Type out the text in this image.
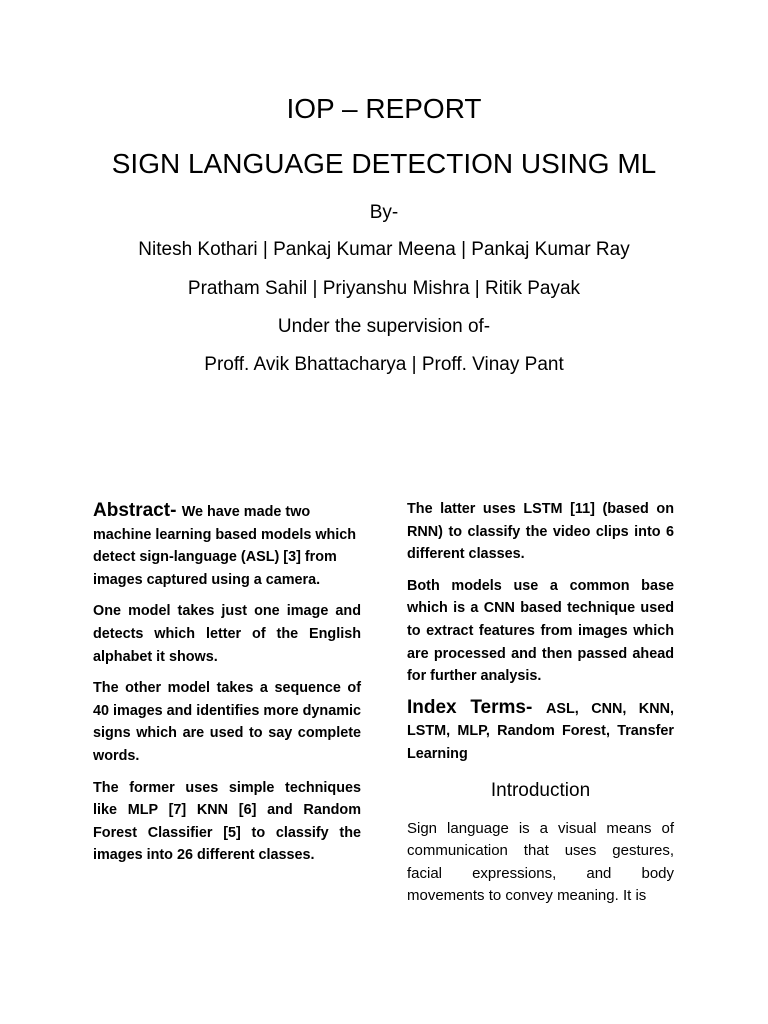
IOP – REPORT
SIGN LANGUAGE DETECTION USING ML
By-
Nitesh Kothari | Pankaj Kumar Meena | Pankaj Kumar Ray
Pratham Sahil | Priyanshu Mishra | Ritik Payak
Under the supervision of-
Proff. Avik Bhattacharya | Proff. Vinay Pant

Abstract- We have made two machine learning based models which detect sign-language (ASL) [3] from images captured using a camera.

One model takes just one image and detects which letter of the English alphabet it shows.

The other model takes a sequence of 40 images and identifies more dynamic signs which are used to say complete words.

The former uses simple techniques like MLP [7] KNN [6] and Random Forest Classifier [5] to classify the images into 26 different classes.

The latter uses LSTM [11] (based on RNN) to classify the video clips into 6 different classes.

Both models use a common base which is a CNN based technique used to extract features from images which are processed and then passed ahead for further analysis.

Index Terms- ASL, CNN, KNN, LSTM, MLP, Random Forest, Transfer Learning

Introduction

Sign language is a visual means of communication that uses gestures, facial expressions, and body movements to convey meaning. It is
